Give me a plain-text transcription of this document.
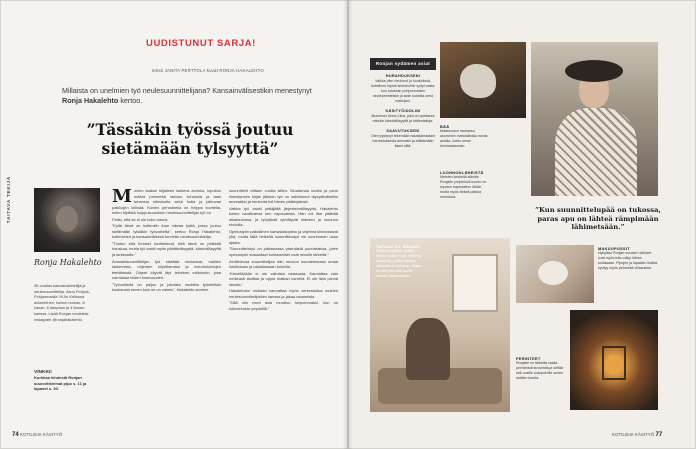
UUDISTUNUT SARJA!
teksti JANITA PERTTOLA kuvat RONJA HAKALEHTO
Millaista on unelmien työ neulesuunnittelijana? Kansainvälisestikin menestynyt Ronja Hakalehto kertoo.
”Tässäkin työssä joutuu sietämään tylsyyttä”
TAITAVA TEKIJÄ
Ronja Hakalehto
30-vuotias kasvatustieteilijä ja neulesuunnittelija. Asuu Pohjois-Pohjanmaalla Yli-Iin Kellossa aviomiehen, kolmen koiran, 8 kanan, 6 lampaan ja 4 kissan kanssa. Lisää Ronjan neuleista: Instagram @ronjahakalehto.
VINKKI!
Kurkkaa lehdestä Ronjan suunnittelemat pipo s. 11 ja lapaset s. 30.

Monien taakse hiljalleen laskeva aurinko, lopuiton määrä pehmeää lankaa, tuhansia ja taas tuhansia silmukoita sekä kotia ja jatkuvaa paikkojen kiilinää. Kuvien perusteella on helppo kuvitella, miten idyllistä huippusuosituun neulesuunnittelijan työ on.

Paitsi, että se ei ole koko totuus.

”Kyllä tämä on kuitenkin ihan oikeaa työtä, jossa joutuu sietämään tylsiäkin työvaiheita”, kertoo Ronja Hakalehto, kotimainen ja kansainvälisesti tunnettu neulesuunnittelija.

”Tuntuu että ihmiset kuvittelevat, että tämä on pelkkää hauskaa, mutta työ vaatii myös päättäväisyyttä, kärsivällisyyttä ja tarkkuutta.”

Ammattisuunnittelijan työ sisältää neulontaa, mallien laskemista, ohjeiden kirjoittamista ja koeneulontojen teettämistä. Ohjeet käyvät läpi teknisen editoinnin, joka varmistaa niiden toimivuuden.

”Työvaiheita on paljon ja jokaista neuletta työstetään kuukausia ennen kuin se on valmis”, Hakalehto arvelee.

suunnittelit viittaen vuotta sitten. Muutamaa vuotta ja parin ilmestyneen kirjan jälkeen työ on vakiintunut täyspäiväiseksi ammatiksi ja neulonta tuli hänen pääleipänsä.

Vaikka työ vaatii yrittäjältä järjestelmällisyyttä, Hakalehto kokee nauttivansa sen vapaudesta. Hän voi itse päättää aikataulunsa, ja työpäivät rytmittyvät eläinten ja luonnon ehdoilla.

Opetustyön paikallinen kansalaisopisto ja ohjelma kiinnostavat yhä, mutta tällä hetkellä suunnittelutyö vie suurimman osan ajasta.

”Suunnittelutyö on pääasiassa yksinäistä puuhastelua, joten opetustyön sosiaaliset kohtaamiset ovat minulle tärkeitä.”

Aloittelevaa suunnittelijaa hän neuvoo kuuntelemaan omaa intuitiotaan ja uskaltamaan kokeilla.

”Kenelläkään ei ole valmista vastausta. Kannattaa vain rohkeasti aloittaa ja oppia matkan varrella. Ei ole liian pieniä ideoita.”

Hakalehdon mukaan kannattaa myös verkostoitua muiden neulesuunnittelijoiden kanssa ja jakaa osaamista.

”Sillä niin moni asia muuttuu helpommaksi, kun on tukiverkosto ympärillä.”

74 KOTILIESI KÄSITYÖ
Ronjan sydämen asiat
HURAHDUKSENI
Vaikka olen neulonut jo kouluiässä, todellinen kipinä silmukoihin syttyi vasta, kun tutustuin pohjoismaisiin neuleperinteisiin ja aloin kokeilla omia mallejani.
KÄSITYÖIDOLINI
Mummoni Anna-Liisa, joka on opettanut minulle kärsivällisyyttä ja kädentaitoja.
SAAVUTUKSENI
Olen pystynyt tekemään rakastamastani harrastuksesta ammatin ja elättämään itseni sillä.
BÄÄ
Maaseudun rauhassa asuminen mahdollistaa monia asioita, kuten oman lammaslauman.
LUONNONLÄHEISTÄ
Metsien keskellä eläväle Ronjalle ympäröivä luonto on loputon inspiraation lähde, mutta myös tärkeä paikka rentoutua.
”Kun suunnittelupää on tukossa, paras apu on lähteä rämpimään lähimetsään.”
TAPAUS VS. RAAMIT
Omien projektien lisäksi neulon paljon myös ohjelmia tilaustöitä, joiden kanssa aikataulu on tiukempi. Silloin on tärkeää pitää huolta omasta jaksamisesta.
MAKUUPUSSIT
Nykyään Ronjan suloiset nököset ovat myös tuttu näky hänen kodissaan. Pipojen ja lapasten lisäksi syntyy myös pehmeitä villasukkia.
PERINTEET
Ronjalle on tärkeää vaalia perinteistä kuviointia ja siirtää sitä uusille sukupolville omien mallien kautta.
KOTILIESI KÄSITYÖ 77
